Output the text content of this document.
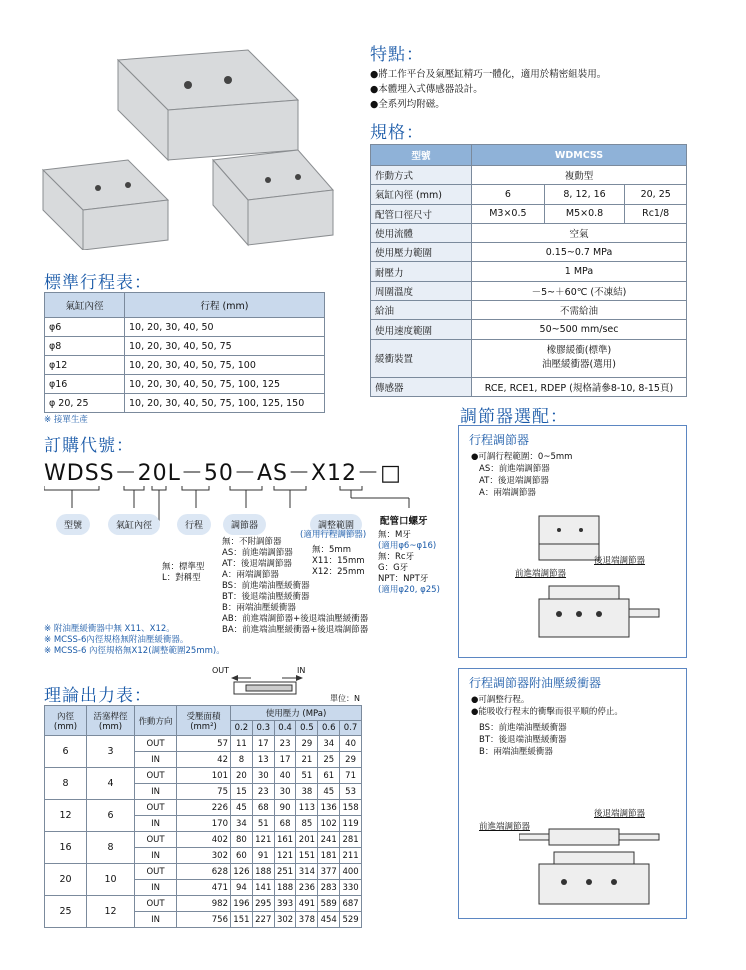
特點：
●將工作平台及氣壓缸精巧一體化，適用於精密組裝用。
●本體埋入式傳感器設計。
●全系列均附磁。
規格：
型號	WDMCSS		
作動方式	複動型		
氣缸內徑 (mm)	6	8, 12, 16	20, 25
配管口徑尺寸	M3×0.5	M5×0.8	Rc1/8
使用流體	空氣		
使用壓力範圍	0.15~0.7 MPa		
耐壓力	1 MPa		
周圍溫度	－5~＋60℃ (不凍結)		
給油	不需給油		
使用速度範圍	50~500 mm/sec		
緩衝裝置	橡膠緩衝(標準)
油壓緩衝器(選用)		
傳感器	RCE, RCE1, RDEP (規格請參8-10, 8-15頁)		
標準行程表：
氣缸內徑	行程 (mm)
φ6	10, 20, 30, 40, 50
φ8	10, 20, 30, 40, 50, 75
φ12	10, 20, 30, 40, 50, 75, 100
φ16	10, 20, 30, 40, 50, 75, 100, 125
φ 20, 25	10, 20, 30, 40, 50, 75, 100, 125, 150
※ 接單生產
訂購代號：
WDSS－20L－50－AS－X12－□
型號	氣缸內徑	行程	調節器	調整範圍	配管口螺牙
無：標準型
L：對稱型
無：不附調節器
AS：前進端調節器
AT：後退端調節器
A：兩端調節器
BS：前進端油壓緩衝器
BT：後退端油壓緩衝器
B：兩端油壓緩衝器
AB：前進端調節器+後退端油壓緩衝器
BA：前進端油壓緩衝器+後退端調節器
(適用行程調節器)
無：5mm
X11：15mm
X12：25mm
無：M牙
(適用φ6~φ16)
無：Rc牙
G：G牙
NPT：NPT牙
(適用φ20, φ25)
※ 附油壓緩衝器中無 X11、X12。
※ MCSS-6內徑規格無附油壓緩衝器。
※ MCSS-6 內徑規格無X12(調整範圍25mm)。
理論出力表：
OUT	IN
單位：N
內徑
(mm)	活塞桿徑
(mm)	作動方向	受壓面積
(mm²)	使用壓力 (MPa)					
				0.2	0.3	0.4	0.5	0.6	0.7
6	3	OUT	57	11	17	23	29	34	40
		IN	42	8	13	17	21	25	29
8	4	OUT	101	20	30	40	51	61	71
		IN	75	15	23	30	38	45	53
12	6	OUT	226	45	68	90	113	136	158
		IN	170	34	51	68	85	102	119
16	8	OUT	402	80	121	161	201	241	281
		IN	302	60	91	121	151	181	211
20	10	OUT	628	126	188	251	314	377	400
		IN	471	94	141	188	236	283	330
25	12	OUT	982	196	295	393	491	589	687
		IN	756	151	227	302	378	454	529
調節器選配：
行程調節器
●可調行程範圍：0~5mm
AS：前進端調節器
AT：後退端調節器
A：兩端調節器
後退端調節器
前進端調節器
行程調節器附油壓緩衝器
●可調整行程。
●能吸收行程末的衝擊而很平順的停止。
BS：前進端油壓緩衝器
BT：後退端油壓緩衝器
B：兩端油壓緩衝器
後退端調節器
前進端調節器
